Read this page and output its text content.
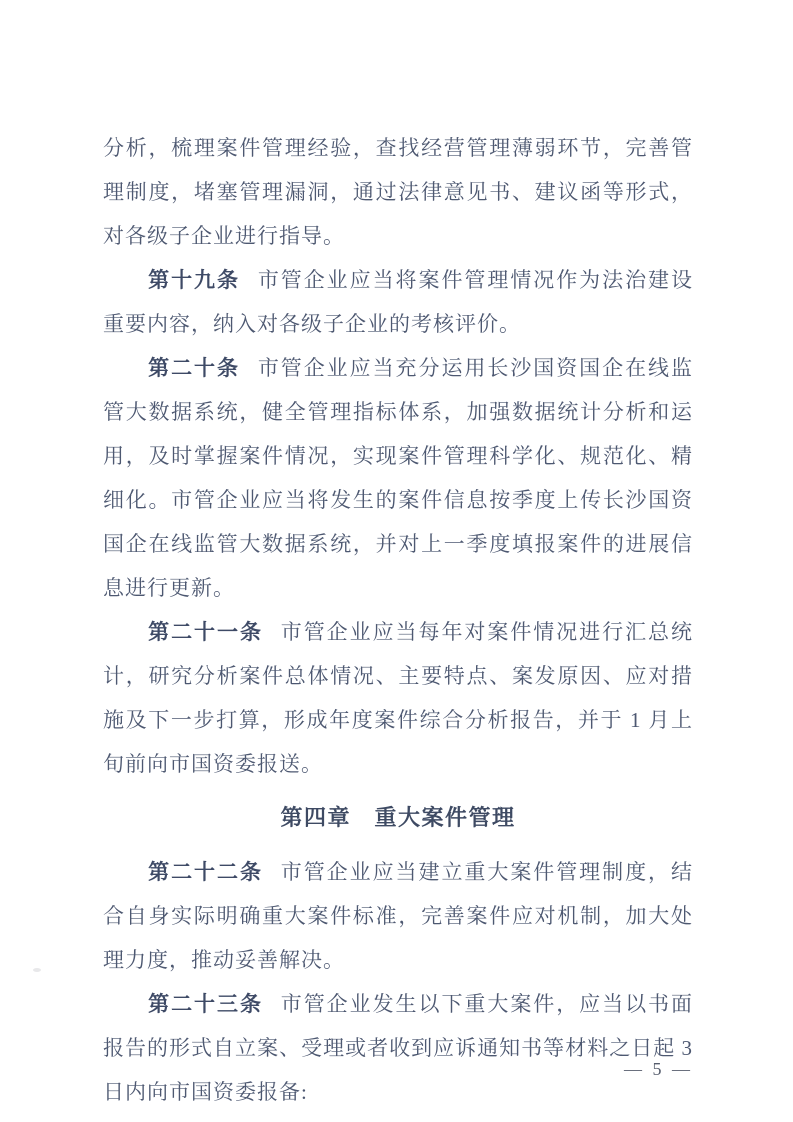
分析，梳理案件管理经验，查找经营管理薄弱环节，完善管理制度，堵塞管理漏洞，通过法律意见书、建议函等形式，对各级子企业进行指导。

第十九条 市管企业应当将案件管理情况作为法治建设重要内容，纳入对各级子企业的考核评价。

第二十条 市管企业应当充分运用长沙国资国企在线监管大数据系统，健全管理指标体系，加强数据统计分析和运用，及时掌握案件情况，实现案件管理科学化、规范化、精细化。市管企业应当将发生的案件信息按季度上传长沙国资国企在线监管大数据系统，并对上一季度填报案件的进展信息进行更新。

第二十一条 市管企业应当每年对案件情况进行汇总统计，研究分析案件总体情况、主要特点、案发原因、应对措施及下一步打算，形成年度案件综合分析报告，并于 1 月上旬前向市国资委报送。

第四章　重大案件管理

第二十二条 市管企业应当建立重大案件管理制度，结合自身实际明确重大案件标准，完善案件应对机制，加大处理力度，推动妥善解决。

第二十三条 市管企业发生以下重大案件，应当以书面报告的形式自立案、受理或者收到应诉通知书等材料之日起 3 日内向市国资委报备:

— 5 —
